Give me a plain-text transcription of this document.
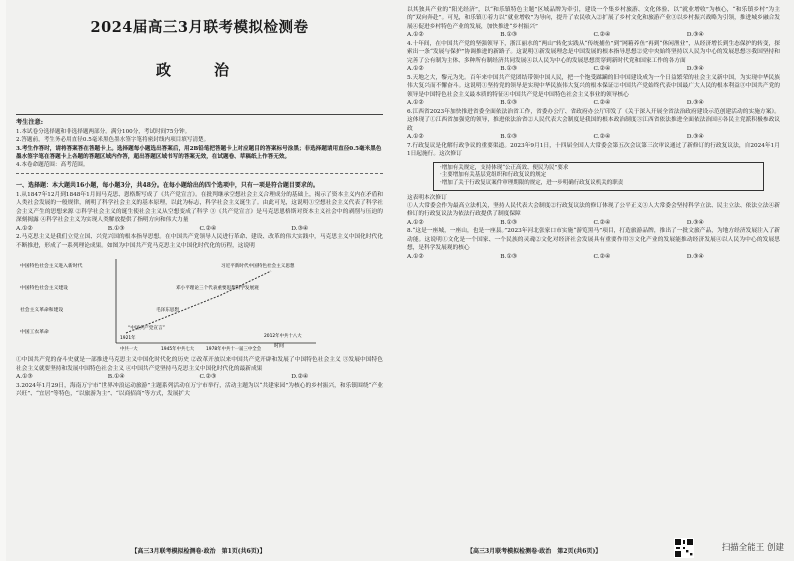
2024届高三3月联考模拟检测卷
政　治
考生注意:
1.本试卷分选择题和非选择题两部分。满分100分，考试时间75分钟。
2.答题前，考生务必用直径0.5毫米黑色墨水签字笔将密封线内项目填写清楚。
3.考生作答时，请将答案答在答题卡上。选择题每小题选出答案后，用2B铅笔把答题卡上对应题目的答案标号涂黑；非选择题请用直径0.5毫米黑色墨水签字笔在答题卡上各题的答题区域内作答，超出答题区域书写的答案无效，在试题卷、草稿纸上作答无效。
4.本卷命题范围：高考范围。
一、选择题：本大题共16小题，每小题3分，共48分。在每小题给出的四个选项中，只有一项是符合题目要求的。
1.从1847年12月到1848年1月间马克思、恩格斯写成了《共产党宣言》。在批判继承空想社会主义合理成分的基础上，揭示了资本主义内在矛盾和人类社会发展的一般规律，阐明了科学社会主义的基本原理，以此为标志，科学社会主义诞生了。由此可见，这说明①空想社会主义代表了科学社会主义产生的思想来源 ②科学社会主义的诞生使社会主义从空想变成了科学 ③《共产党宣言》是马克思恩格斯对资本主义社会中的剥削与压迫的深刻揭露 ④科学社会主义为实现人类解放提供了指明方向和伟大力量
A.①②	B.①③	C.②④	D.③④
2.马克思主义是我们立党立国、兴党兴国的根本指导思想。在中国共产党领导人民进行革命、建设、改革的伟大实践中，马克思主义中国化时代化不断推进，形成了一系列理论成果。如图为中国共产党马克思主义中国化时代化的历程，这说明
时间
中国特色社会主义进入新时代
中国特色社会主义建设
社会主义革命和建设
中国工农革命
习近平新时代中国特色社会主义思想
邓小平理论三个代表重要思想科学发展观
毛泽东思想
“中国共产党宣言”
中共一大	1945年中共七大	1978年中共十一届三中全会
2012年中共十八大
1921年
①中国共产党的奋斗史就是一部推进马克思主义中国化时代化的历史 ②改革开放以来中国共产党开辟和发展了中国特色社会主义 ③发展中国特色社会主义就要坚持和发展中国特色社会主义 ④中国共产党坚持马克思主义中国化时代化的最新成果
A.①③	B.①④	C.②③	D.②④
3.2024年1月29日，海南万宁市“世界冲浪运动旅游”主题系列活动在万宁市举行，活动主题为以“共建家园”为核心的乡村振兴，和乐镇围绕“产业兴旺”、“宜居”等特色，“以旅游为主”、“以商招商”等方式，发展扩大
【高三3月联考模拟检测卷·政治　第1页(共6页)】
以其独具产业的“阳光经济”，以“和乐镇特色主题”区域品牌为牵引，建设一个集乡村旅游、文化体验、以“就业增收”为核心，“和乐镇乡村”为主的“双向奔赴”。可见，和乐镇①着力以“就业增收”为导向，提升了农民收入②扩展了乡村文化和旅游产业③以乡村振兴战略为引领，推进城乡融合发展④促进乡村特色产业的发展，加快推进“乡村振兴”
A.①②	B.①③	C.②④	D.③④
4.十年间，在中国共产党的坚强领导下，浙江丽水的“两山”转化实践从“传统捕鱼”到“网箱养鱼”再到“休闲渔业”，从经济增长到生态保护的转变，探索出一条“发展与保护”协调推进的新路子。这说明①新发展理念是中国发展的根本指导思想②党中央始终坚持以人民为中心的发展思想③我国坚持和完善了公有制为主体、多种所有制经济共同发展④以人民为中心的发展思想贯穿到新时代党和国家工作的各方面
A.①②	B.①③	C.②④	D.③④
5.天地之大，黎元为先。百年来中国共产党团结带领中国人民，把一个饱受蹂躏的旧中国建设成为一个日益繁荣的社会主义新中国，为实现中华民族伟大复兴而不懈奋斗。这说明①坚持党的领导是实现中华民族伟大复兴的根本保证②中国共产党始终代表中国最广大人民的根本利益③中国共产党的领导是中国特色社会主义最本质的特征④中国共产党是中国特色社会主义事业的领导核心
A.①②	B.①③	C.②④	D.③④
6.江西省2023年加快推进省委全面依法治省工作，省委办公厅、省政府办公厅印发了《关于深入开展全省法治政府建设示范创建活动的实施方案》。这体现了①江西省加强党的领导，推进依法治省②人民代表大会制度是我国的根本政治制度③江西省依法推进全面依法治国④各民主党派积极参政议政
A.①②	B.①③	C.②④	D.③④
7.行政复议是化解行政争议的重要渠道。2023年9月1日，十四届全国人大常委会第五次会议第三次审议通过了新修订的行政复议法，自2024年1月1日起施行。这次修订
·增加有关规定，支持体现“公正高效、便民为民”要求
·主要增加有关基层党组织和行政复议的规定
·增加了关于行政复议案件审理期限的规定，进一步明确行政复议机关的职责
这表明本次修订
①人大常委会作为最高立法机关，坚持人民代表大会制度②行政复议法的修订体现了公平正义③人大常委会坚持科学立法、民主立法、依法立法④新修订的行政复议法为依法行政提供了制度保障
A.①②	B.①③	C.②④	D.③④
8.“这是一座城，一座山，也是一座县。”2023年河北张家口市实施“游览黑马”项目，打造旅游品牌，推出了一批文旅产品，为地方经济发展注入了新动能。这说明①文化是一个国家、一个民族的灵魂②文化对经济社会发展具有重要作用③文化产业的发展能推动经济发展④以人民为中心的发展思想，是科学发展观的核心
A.①②	B.①③	C.②④	D.③④
【高三3月联考模拟检测卷·政治　第2页(共6页)】	扫描全能王 创建
